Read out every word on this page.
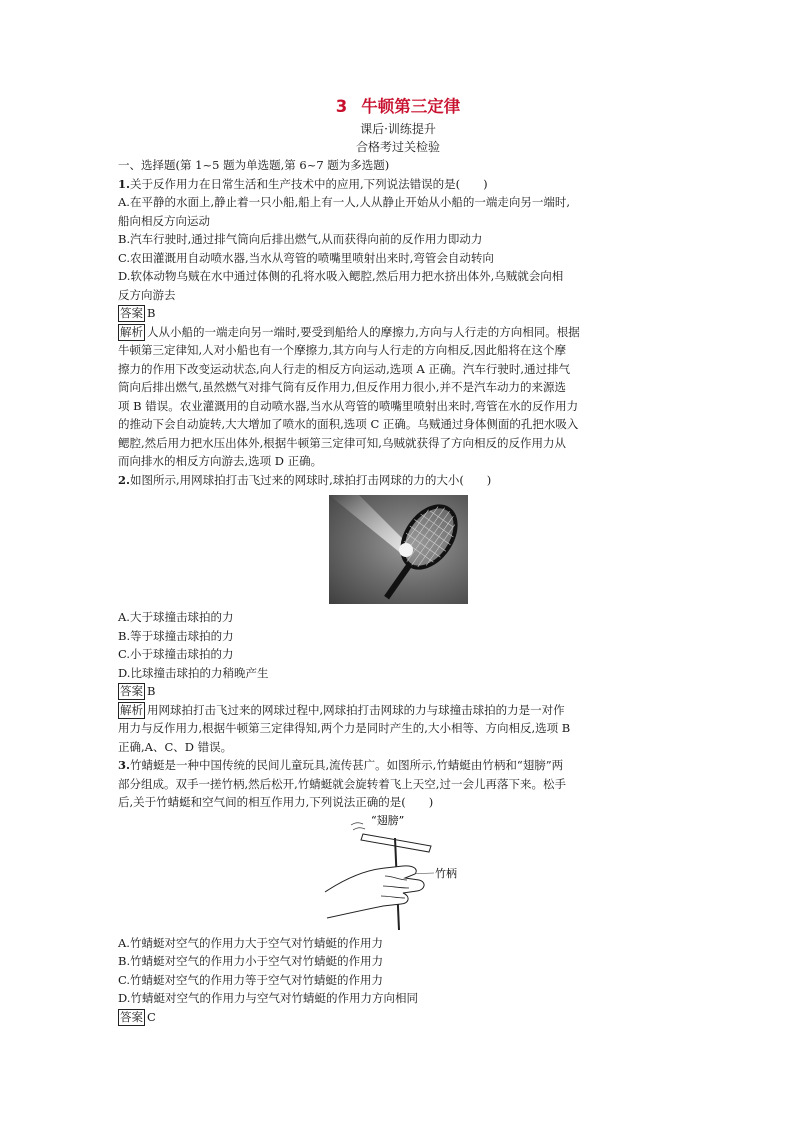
3 牛顿第三定律
课后·训练提升
合格考过关检验

一、选择题(第 1~5 题为单选题,第 6~7 题为多选题)

1.关于反作用力在日常生活和生产技术中的应用,下列说法错误的是(　　)

A.在平静的水面上,静止着一只小船,船上有一人,人从静止开始从小船的一端走向另一端时,

船向相反方向运动

B.汽车行驶时,通过排气筒向后排出燃气,从而获得向前的反作用力即动力

C.农田灌溉用自动喷水器,当水从弯管的喷嘴里喷射出来时,弯管会自动转向

D.软体动物乌贼在水中通过体侧的孔将水吸入鳃腔,然后用力把水挤出体外,乌贼就会向相

反方向游去

答案 B

解析 人从小船的一端走向另一端时,要受到船给人的摩擦力,方向与人行走的方向相同。根据

牛顿第三定律知,人对小船也有一个摩擦力,其方向与人行走的方向相反,因此船将在这个摩

擦力的作用下改变运动状态,向人行走的相反方向运动,选项 A 正确。汽车行驶时,通过排气

筒向后排出燃气,虽然燃气对排气筒有反作用力,但反作用力很小,并不是汽车动力的来源选

项 B 错误。农业灌溉用的自动喷水器,当水从弯管的喷嘴里喷射出来时,弯管在水的反作用力

的推动下会自动旋转,大大增加了喷水的面积,选项 C 正确。乌贼通过身体侧面的孔把水吸入

鳃腔,然后用力把水压出体外,根据牛顿第三定律可知,乌贼就获得了方向相反的反作用力从

而向排水的相反方向游去,选项 D 正确。

2.如图所示,用网球拍打击飞过来的网球时,球拍打击网球的力的大小(　　)

A.大于球撞击球拍的力

B.等于球撞击球拍的力

C.小于球撞击球拍的力

D.比球撞击球拍的力稍晚产生

答案 B

解析 用网球拍打击飞过来的网球过程中,网球拍打击网球的力与球撞击球拍的力是一对作

用力与反作用力,根据牛顿第三定律得知,两个力是同时产生的,大小相等、方向相反,选项 B

正确,A、C、D 错误。

3.竹蜻蜓是一种中国传统的民间儿童玩具,流传甚广。如图所示,竹蜻蜓由竹柄和“翅膀”两

部分组成。双手一搓竹柄,然后松开,竹蜻蜓就会旋转着飞上天空,过一会儿再落下来。松手

后,关于竹蜻蜓和空气间的相互作用力,下列说法正确的是(　　)

“翅膀”
竹柄

A.竹蜻蜓对空气的作用力大于空气对竹蜻蜓的作用力

B.竹蜻蜓对空气的作用力小于空气对竹蜻蜓的作用力

C.竹蜻蜓对空气的作用力等于空气对竹蜻蜓的作用力

D.竹蜻蜓对空气的作用力与空气对竹蜻蜓的作用力方向相同

答案 C
